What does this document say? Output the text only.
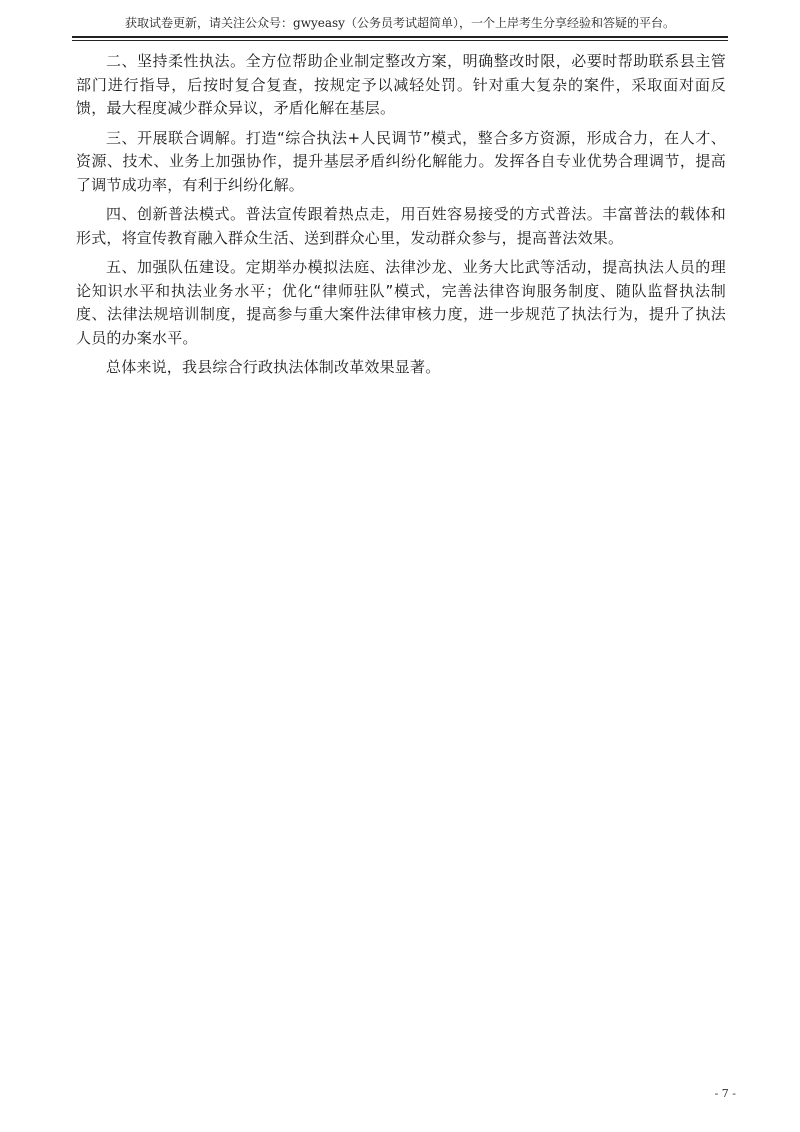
获取试卷更新，请关注公众号：gwyeasy（公务员考试超简单），一个上岸考生分享经验和答疑的平台。

二、坚持柔性执法。全方位帮助企业制定整改方案，明确整改时限，必要时帮助联系县主管部门进行指导，后按时复合复查，按规定予以减轻处罚。针对重大复杂的案件，采取面对面反馈，最大程度减少群众异议，矛盾化解在基层。

三、开展联合调解。打造“综合执法+人民调节”模式，整合多方资源，形成合力，在人才、资源、技术、业务上加强协作，提升基层矛盾纠纷化解能力。发挥各自专业优势合理调节，提高了调节成功率，有利于纠纷化解。

四、创新普法模式。普法宣传跟着热点走，用百姓容易接受的方式普法。丰富普法的载体和形式，将宣传教育融入群众生活、送到群众心里，发动群众参与，提高普法效果。

五、加强队伍建设。定期举办模拟法庭、法律沙龙、业务大比武等活动，提高执法人员的理论知识水平和执法业务水平；优化“律师驻队”模式，完善法律咨询服务制度、随队监督执法制度、法律法规培训制度，提高参与重大案件法律审核力度，进一步规范了执法行为，提升了执法人员的办案水平。

总体来说，我县综合行政执法体制改革效果显著。

- 7 -
